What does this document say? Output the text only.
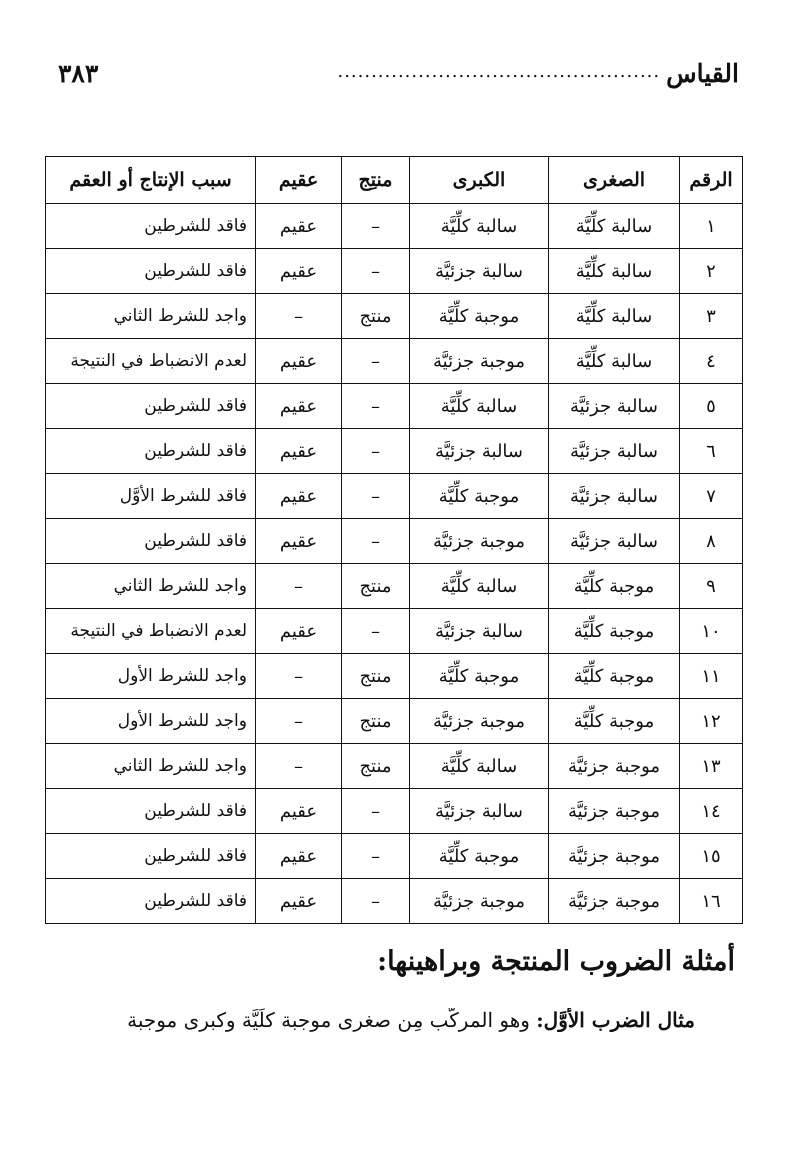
القياس
................................................
٣٨٣
الرقم	الصغرى	الكبرى	منتِج	عقيم	سبب الإنتاج أو العقم
١	سالبة كلِّيَّة	سالبة كلِّيَّة	–	عقيم	فاقد للشرطين
٢	سالبة كلِّيَّة	سالبة جزئيَّة	–	عقيم	فاقد للشرطين
٣	سالبة كلِّيَّة	موجبة كلِّيَّة	منتج	–	واجد للشرط الثاني
٤	سالبة كلِّيَّة	موجبة جزئيَّة	–	عقيم	لعدم الانضباط في النتيجة
٥	سالبة جزئيَّة	سالبة كلِّيَّة	–	عقيم	فاقد للشرطين
٦	سالبة جزئيَّة	سالبة جزئيَّة	–	عقيم	فاقد للشرطين
٧	سالبة جزئيَّة	موجبة كلِّيَّة	–	عقيم	فاقد للشرط الأوَّل
٨	سالبة جزئيَّة	موجبة جزئيَّة	–	عقيم	فاقد للشرطين
٩	موجبة كلِّيَّة	سالبة كلِّيَّة	منتج	–	واجد للشرط الثاني
١٠	موجبة كلِّيَّة	سالبة جزئيَّة	–	عقيم	لعدم الانضباط في النتيجة
١١	موجبة كلِّيَّة	موجبة كلِّيَّة	منتج	–	واجد للشرط الأول
١٢	موجبة كلِّيَّة	موجبة جزئيَّة	منتج	–	واجد للشرط الأول
١٣	موجبة جزئيَّة	سالبة كلِّيَّة	منتج	–	واجد للشرط الثاني
١٤	موجبة جزئيَّة	سالبة جزئيَّة	–	عقيم	فاقد للشرطين
١٥	موجبة جزئيَّة	موجبة كلِّيَّة	–	عقيم	فاقد للشرطين
١٦	موجبة جزئيَّة	موجبة جزئيَّة	–	عقيم	فاقد للشرطين
أمثلة الضروب المنتجة وبراهينها:
مثال الضرب الأوَّل: وهو المركَّب مِن صغرى موجبة كلِّيَّة وكبرى موجبة
